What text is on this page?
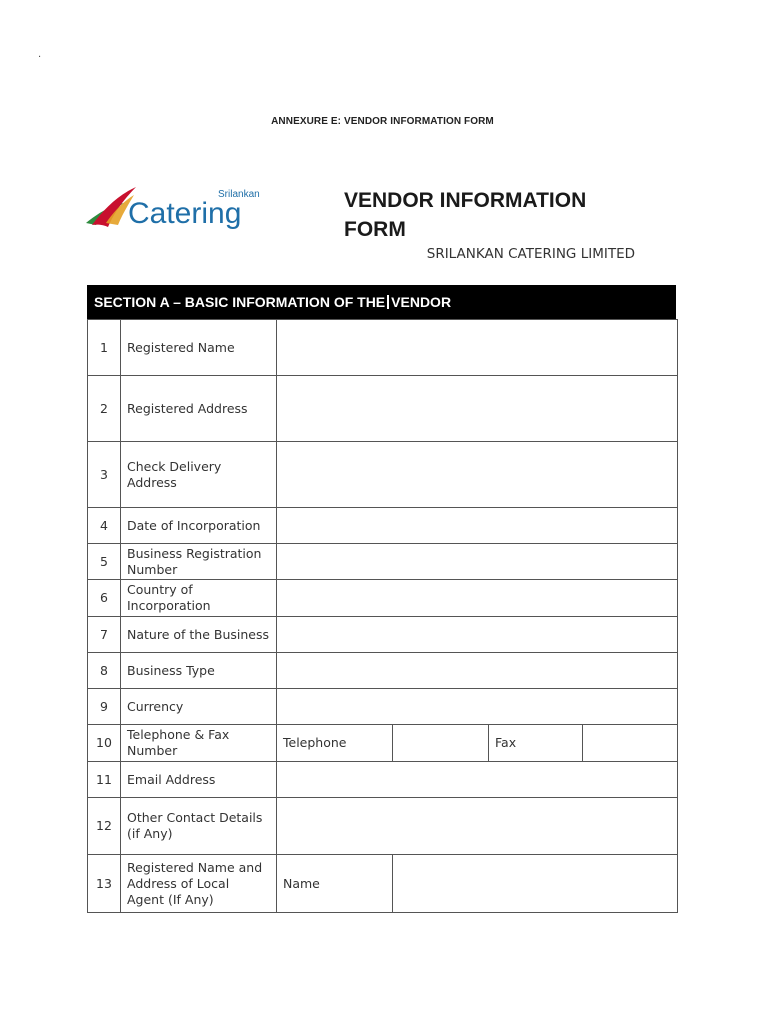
·
ANNEXURE E: VENDOR INFORMATION FORM
Srilankan
Catering	VENDOR INFORMATION
FORM
SRILANKAN CATERING LIMITED
SECTION A – BASIC INFORMATION OF THE VENDOR
1	Registered Name				
2	Registered Address				
3	Check Delivery Address				
4	Date of Incorporation				
5	Business Registration Number				
6	Country of Incorporation				
7	Nature of the Business				
8	Business Type				
9	Currency				
10	Telephone & Fax Number	Telephone		Fax	
11	Email Address				
12	Other Contact Details (if Any)				
13	Registered Name and Address of Local Agent (If Any)	Name			
